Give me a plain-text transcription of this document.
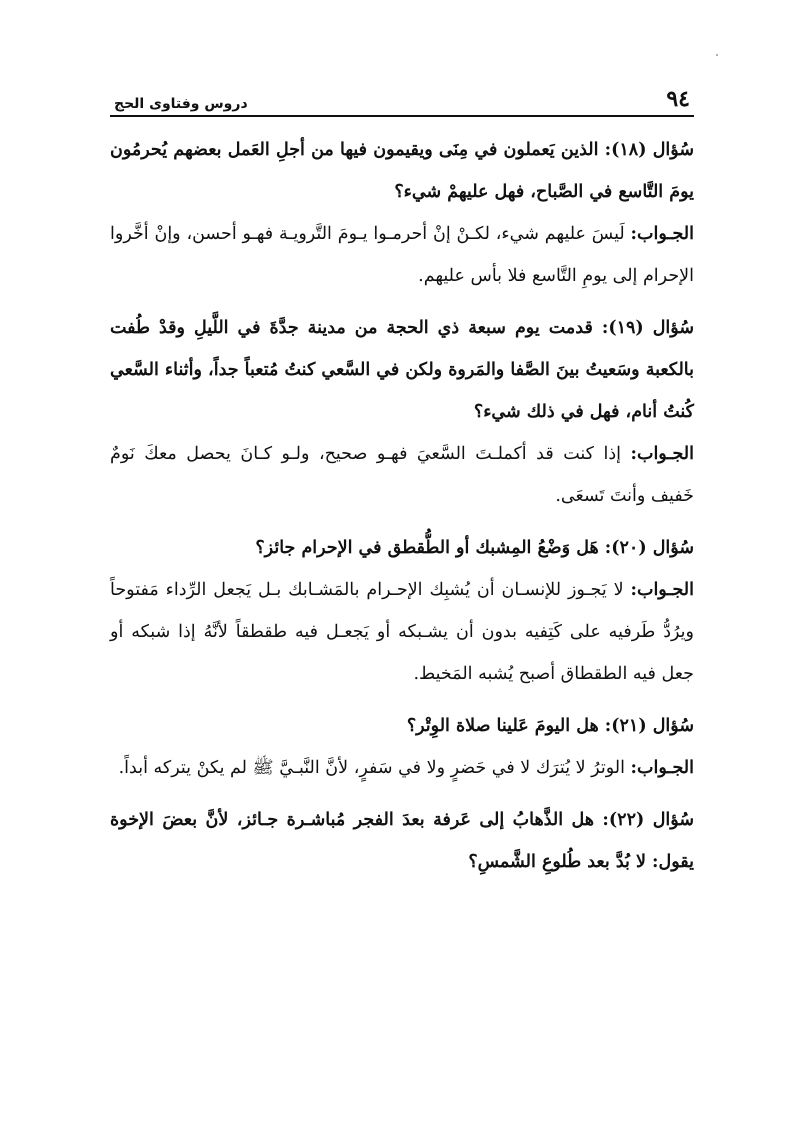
٩٤
دروس وفتاوى الحج

سُؤال (١٨): الذين يَعملون في مِنَى ويقيمون فيها من أجلِ العَمل بعضهم يُحرمُون يومَ التَّاسع في الصَّباح، فهل عليهمْ شيء؟

الجـواب: لَيسَ عليهم شيء، لكـنْ إنْ أحرمـوا يـومَ التَّرويـة فهـو أحسن، وإنْ أخَّروا الإحرام إلى يومِ التَّاسع فلا بأس عليهم.

سُؤال (١٩): قدمت يوم سبعة ذي الحجة من مدينة جدَّةَ في اللَّيلِ وقدْ طُفت بالكعبة وسَعيتُ بينَ الصَّفا والمَروة ولكن في السَّعي كنتُ مُتعباً جداً، وأثناء السَّعي كُنتُ أنام، فهل في ذلك شيء؟

الجـواب: إذا كنت قد أكملـتَ السَّعيَ فهـو صحيح، ولـو كـانَ يحصل معكَ نَومٌ خَفيف وأنتَ تَسعَى.

سُؤال (٢٠): هَل وَضْعُ المِشبك أو الطُّقطق في الإحرام جائز؟

الجـواب: لا يَجـوز للإنسـان أن يُشبِك الإحـرام بالمَشـابك بـل يَجعل الرِّداء مَفتوحاً ويرُدُّ طَرفيه على كَتِفيه بدون أن يشـبكه أو يَجعـل فيه طقطقاً لأنَّهُ إذا شبكه أو جعل فيه الطقطاق أصبح يُشبه المَخيط.

سُؤال (٢١): هل اليومَ عَلينا صلاة الوِتْر؟

الجـواب: الوترُ لا يُترَك لا في حَضرٍ ولا في سَفرٍ، لأنَّ النَّبـيَّ ﷺ لم يكنْ يتركه أبداً.

سُؤال (٢٢): هل الذَّهابُ إلى عَرفة بعدَ الفجر مُباشـرة جـائز، لأنَّ بعضَ الإخوة يقول: لا بُدَّ بعد طُلوعِ الشَّمسِ؟
